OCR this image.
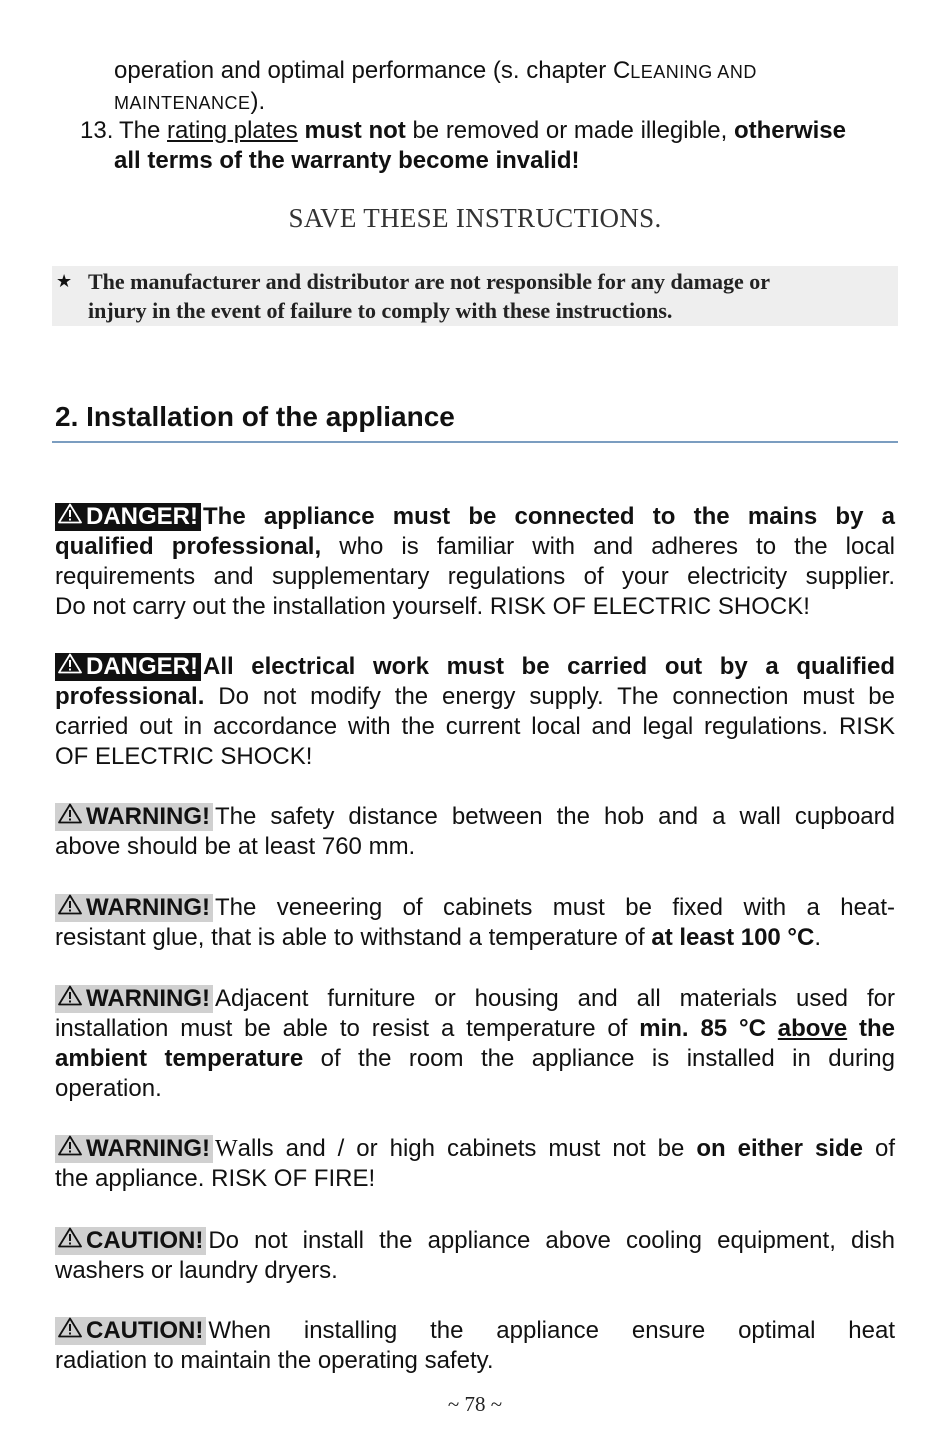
operation and optimal performance (s. chapter CLEANING AND
MAINTENANCE).
13. The rating plates must not be removed or made illegible, otherwise
all terms of the warranty become invalid!
SAVE THESE INSTRUCTIONS.
★ The manufacturer and distributor are not responsible for any damage or
injury in the event of failure to comply with these instructions.
2. Installation of the appliance
DANGER! The appliance must be connected to the mains by a
qualified professional, who is familiar with and adheres to the local
requirements and supplementary regulations of your electricity supplier.
Do not carry out the installation yourself. RISK OF ELECTRIC SHOCK!
DANGER! All electrical work must be carried out by a qualified
professional. Do not modify the energy supply. The connection must be
carried out in accordance with the current local and legal regulations. RISK
OF ELECTRIC SHOCK!
WARNING! The safety distance between the hob and a wall cupboard
above should be at least 760 mm.
WARNING! The veneering of cabinets must be fixed with a heat-
resistant glue, that is able to withstand a temperature of at least 100 °C.
WARNING! Adjacent furniture or housing and all materials used for
installation must be able to resist a temperature of min. 85 °C above the
ambient temperature of the room the appliance is installed in during
operation.
WARNING! Walls and / or high cabinets must not be on either side of
the appliance. RISK OF FIRE!
CAUTION! Do not install the appliance above cooling equipment, dish
washers or laundry dryers.
CAUTION! When installing the appliance ensure optimal heat
radiation to maintain the operating safety.
~ 78 ~
